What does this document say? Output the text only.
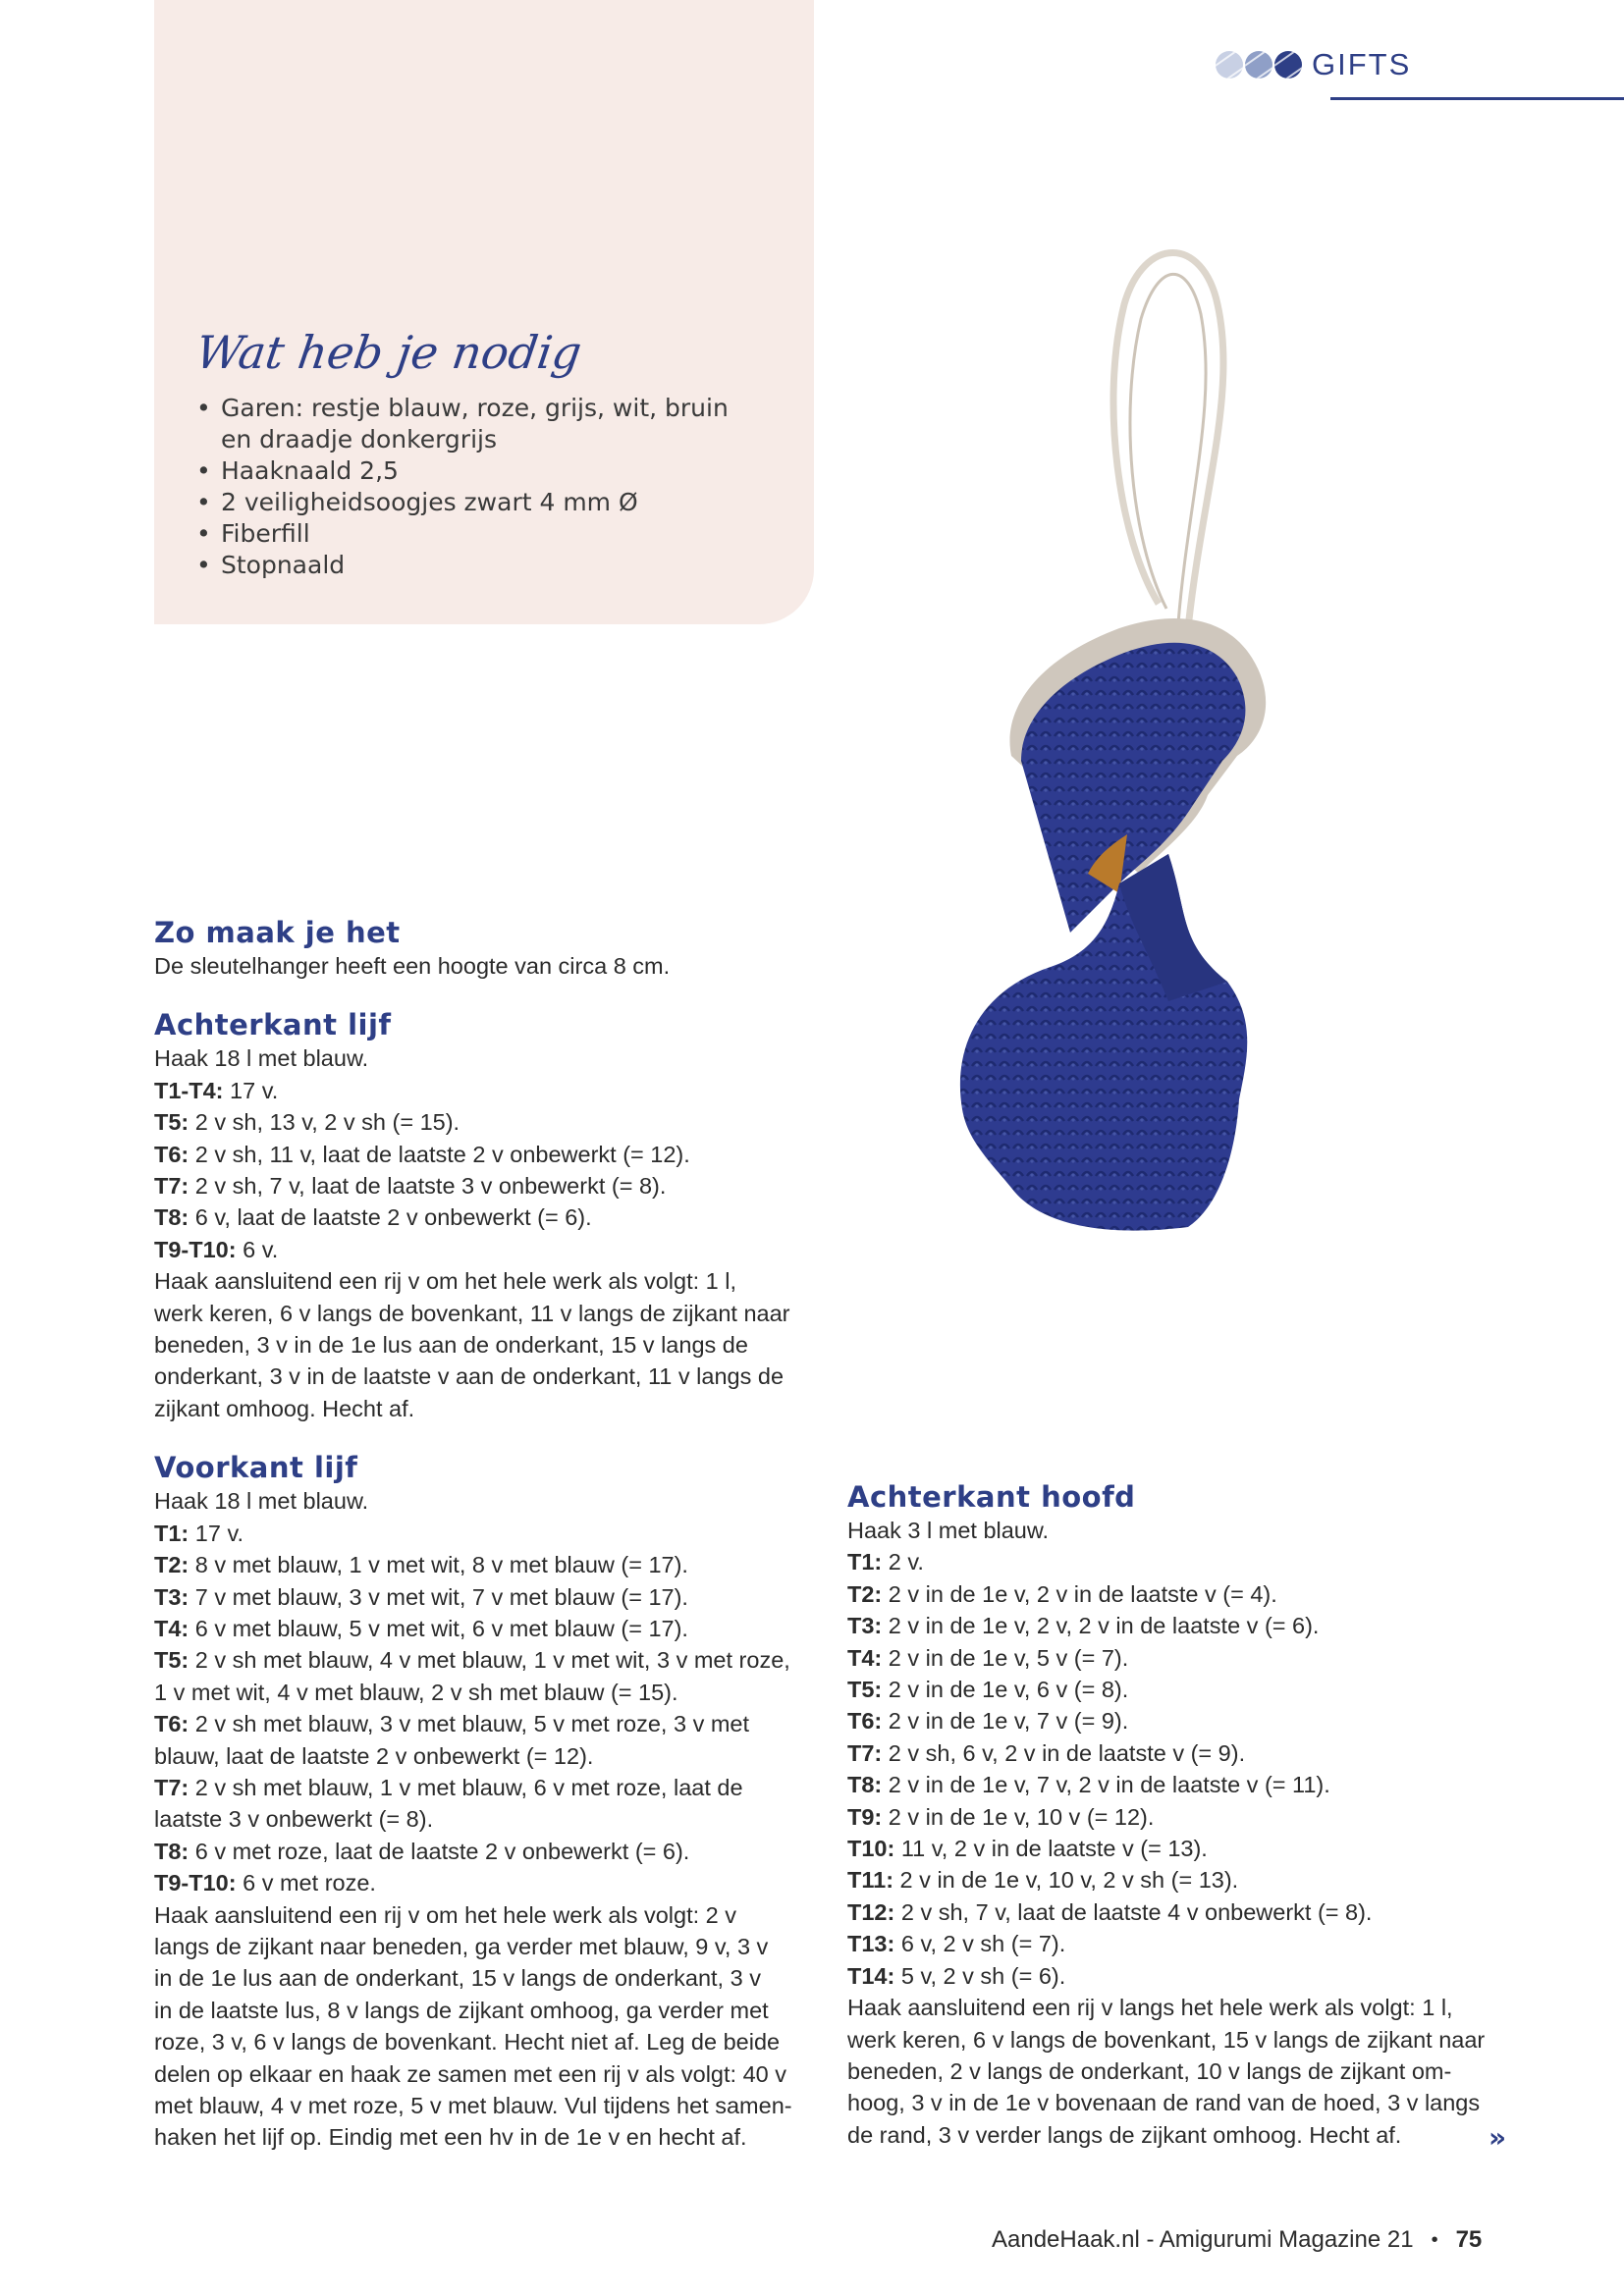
GIFTS
Wat heb je nodig
• Garen: restje blauw, roze, grijs, wit, bruin
en draadje donkergrijs
• Haaknaald 2,5
• 2 veiligheidsoogjes zwart 4 mm Ø
• Fiberfill
• Stopnaald
Zo maak je het

De sleutelhanger heeft een hoogte van circa 8 cm.

Achterkant lijf

Haak 18 l met blauw.

T1-T4: 17 v.

T5: 2 v sh, 13 v, 2 v sh (= 15).

T6: 2 v sh, 11 v, laat de laatste 2 v onbewerkt (= 12).

T7: 2 v sh, 7 v, laat de laatste 3 v onbewerkt (= 8).

T8: 6 v, laat de laatste 2 v onbewerkt (= 6).

T9-T10: 6 v.

Haak aansluitend een rij v om het hele werk als volgt: 1 l,
werk keren, 6 v langs de bovenkant, 11 v langs de zijkant naar
beneden, 3 v in de 1e lus aan de onderkant, 15 v langs de
onderkant, 3 v in de laatste v aan de onderkant, 11 v langs de
zijkant omhoog. Hecht af.

Voorkant lijf

Haak 18 l met blauw.

T1: 17 v.

T2: 8 v met blauw, 1 v met wit, 8 v met blauw (= 17).

T3: 7 v met blauw, 3 v met wit, 7 v met blauw (= 17).

T4: 6 v met blauw, 5 v met wit, 6 v met blauw (= 17).

T5: 2 v sh met blauw, 4 v met blauw, 1 v met wit, 3 v met roze,
1 v met wit, 4 v met blauw, 2 v sh met blauw (= 15).

T6: 2 v sh met blauw, 3 v met blauw, 5 v met roze, 3 v met
blauw, laat de laatste 2 v onbewerkt (= 12).

T7: 2 v sh met blauw, 1 v met blauw, 6 v met roze, laat de
laatste 3 v onbewerkt (= 8).

T8: 6 v met roze, laat de laatste 2 v onbewerkt (= 6).

T9-T10: 6 v met roze.

Haak aansluitend een rij v om het hele werk als volgt: 2 v
langs de zijkant naar beneden, ga verder met blauw, 9 v, 3 v
in de 1e lus aan de onderkant, 15 v langs de onderkant, 3 v
in de laatste lus, 8 v langs de zijkant omhoog, ga verder met
roze, 3 v, 6 v langs de bovenkant. Hecht niet af. Leg de beide
delen op elkaar en haak ze samen met een rij v als volgt: 40 v
met blauw, 4 v met roze, 5 v met blauw. Vul tijdens het samen-
haken het lijf op. Eindig met een hv in de 1e v en hecht af.

Achterkant hoofd

Haak 3 l met blauw.

T1: 2 v.

T2: 2 v in de 1e v, 2 v in de laatste v (= 4).

T3: 2 v in de 1e v, 2 v, 2 v in de laatste v (= 6).

T4: 2 v in de 1e v, 5 v (= 7).

T5: 2 v in de 1e v, 6 v (= 8).

T6: 2 v in de 1e v, 7 v (= 9).

T7: 2 v sh, 6 v, 2 v in de laatste v (= 9).

T8: 2 v in de 1e v, 7 v, 2 v in de laatste v (= 11).

T9: 2 v in de 1e v, 10 v (= 12).

T10: 11 v, 2 v in de laatste v (= 13).

T11: 2 v in de 1e v, 10 v, 2 v sh (= 13).

T12: 2 v sh, 7 v, laat de laatste 4 v onbewerkt (= 8).

T13: 6 v, 2 v sh (= 7).

T14: 5 v, 2 v sh (= 6).

Haak aansluitend een rij v langs het hele werk als volgt: 1 l,
werk keren, 6 v langs de bovenkant, 15 v langs de zijkant naar
beneden, 2 v langs de onderkant, 10 v langs de zijkant om-
hoog, 3 v in de 1e v bovenaan de rand van de hoed, 3 v langs
de rand, 3 v verder langs de zijkant omhoog. Hecht af.	»
AandeHaak.nl - Amigurumi Magazine 21 • 75
